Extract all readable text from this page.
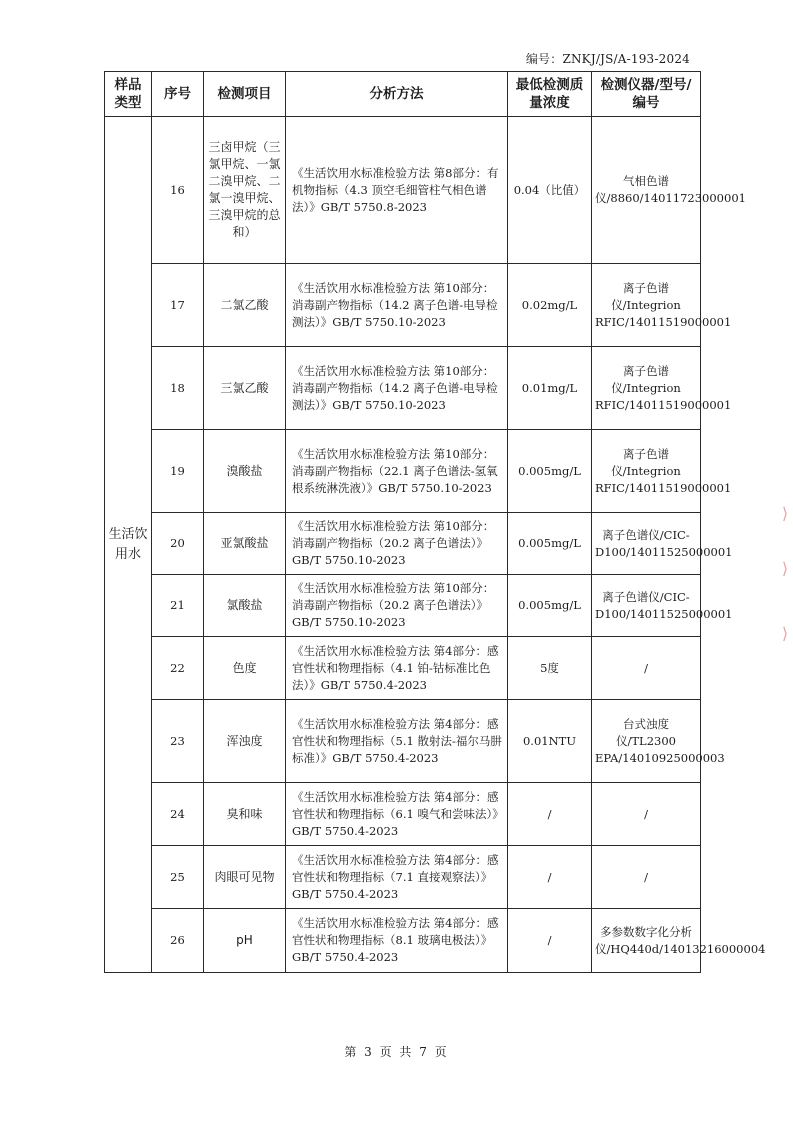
编号：ZNKJ/JS/A-193-2024
样品类型	序号	检测项目	分析方法	最低检测质量浓度	检测仪器/型号/编号
生活饮用水	16	三卤甲烷（三氯甲烷、一氯二溴甲烷、二氯一溴甲烷、三溴甲烷的总和）	《生活饮用水标准检验方法 第8部分：有机物指标（4.3 顶空毛细管柱气相色谱法）》GB/T 5750.8-2023	0.04（比值）	气相色谱仪/8860/14011723000001
	17	二氯乙酸	《生活饮用水标准检验方法 第10部分：消毒副产物指标（14.2 离子色谱-电导检测法）》GB/T 5750.10-2023	0.02mg/L	离子色谱仪/Integrion RFIC/14011519000001
	18	三氯乙酸	《生活饮用水标准检验方法 第10部分：消毒副产物指标（14.2 离子色谱-电导检测法）》GB/T 5750.10-2023	0.01mg/L	离子色谱仪/Integrion RFIC/14011519000001
	19	溴酸盐	《生活饮用水标准检验方法 第10部分：消毒副产物指标（22.1 离子色谱法-氢氧根系统淋洗液）》GB/T 5750.10-2023	0.005mg/L	离子色谱仪/Integrion RFIC/14011519000001
	20	亚氯酸盐	《生活饮用水标准检验方法 第10部分：消毒副产物指标（20.2 离子色谱法）》GB/T 5750.10-2023	0.005mg/L	离子色谱仪/CIC-D100/14011525000001
	21	氯酸盐	《生活饮用水标准检验方法 第10部分：消毒副产物指标（20.2 离子色谱法）》GB/T 5750.10-2023	0.005mg/L	离子色谱仪/CIC-D100/14011525000001
	22	色度	《生活饮用水标准检验方法 第4部分：感官性状和物理指标（4.1 铂-钴标准比色法）》GB/T 5750.4-2023	5度	/
	23	浑浊度	《生活饮用水标准检验方法 第4部分：感官性状和物理指标（5.1 散射法-福尔马肼标准）》GB/T 5750.4-2023	0.01NTU	台式浊度仪/TL2300 EPA/14010925000003
	24	臭和味	《生活饮用水标准检验方法 第4部分：感官性状和物理指标（6.1 嗅气和尝味法）》GB/T 5750.4-2023	/	/
	25	肉眼可见物	《生活饮用水标准检验方法 第4部分：感官性状和物理指标（7.1 直接观察法）》GB/T 5750.4-2023	/	/
	26	pH	《生活饮用水标准检验方法 第4部分：感官性状和物理指标（8.1 玻璃电极法）》GB/T 5750.4-2023	/	多参数数字化分析仪/HQ440d/14013216000004
第 3 页 共 7 页
⟩
⟩
⟩
